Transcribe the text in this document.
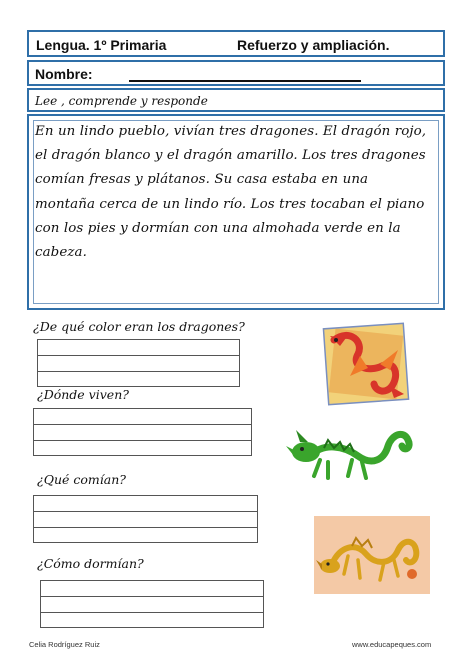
Lengua. 1º Primaria	Refuerzo y ampliación.
Nombre:
Lee , comprende y responde

En un lindo pueblo, vivían tres dragones. El dragón rojo, el dragón blanco y el dragón amarillo. Los tres dragones comían fresas y plátanos. Su casa estaba en una montaña cerca de un lindo río. Los tres tocaban el piano con los pies y dormían con una almohada verde en la cabeza.

¿De qué color eran los dragones?
¿Dónde viven?
¿Qué comían?
¿Cómo dormían?
Celia Rodríguez Ruiz	www.educapeques.com
